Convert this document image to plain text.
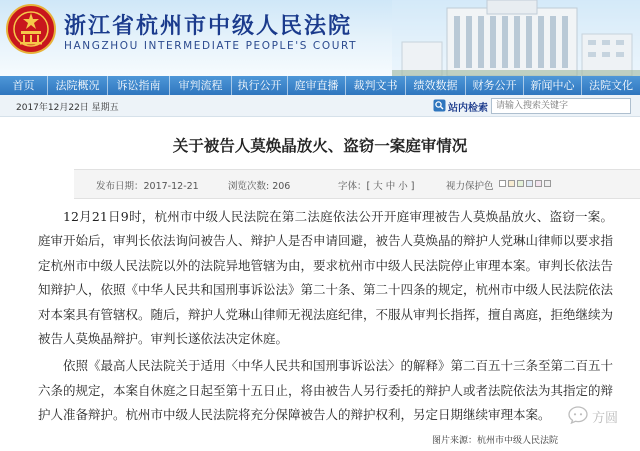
浙江省杭州市中级人民法院
HANGZHOU INTERMEDIATE PEOPLE'S COURT
首页	法院概况	诉讼指南	审判流程	执行公开	庭审直播	裁判文书	绩效数据	财务公开	新闻中心	法院文化
2017年12月22日 星期五	站内检索
请输入搜索关键字
关于被告人莫焕晶放火、盗窃一案庭审情况
发布日期：2017-12-21	浏览次数: 206	字体：[ 大 中 小 ]	视力保护色

12月21日9时，杭州市中级人民法院在第二法庭依法公开开庭审理被告人莫焕晶放火、盗窃一案。庭审开始后，审判长依法询问被告人、辩护人是否申请回避，被告人莫焕晶的辩护人党琳山律师以要求指定杭州市中级人民法院以外的法院异地管辖为由，要求杭州市中级人民法院停止审理本案。审判长依法告知辩护人，依照《中华人民共和国刑事诉讼法》第二十条、第二十四条的规定，杭州市中级人民法院依法对本案具有管辖权。随后，辩护人党琳山律师无视法庭纪律，不服从审判长指挥，擅自离庭，拒绝继续为被告人莫焕晶辩护。审判长遂依法决定休庭。

依照《最高人民法院关于适用〈中华人民共和国刑事诉讼法〉的解释》第二百五十三条至第二百五十六条的规定，本案自休庭之日起至第十五日止，将由被告人另行委托的辩护人或者法院依法为其指定的辩护人准备辩护。杭州市中级人民法院将充分保障被告人的辩护权利，另定日期继续审理本案。	方圆
图片来源：杭州市中级人民法院
